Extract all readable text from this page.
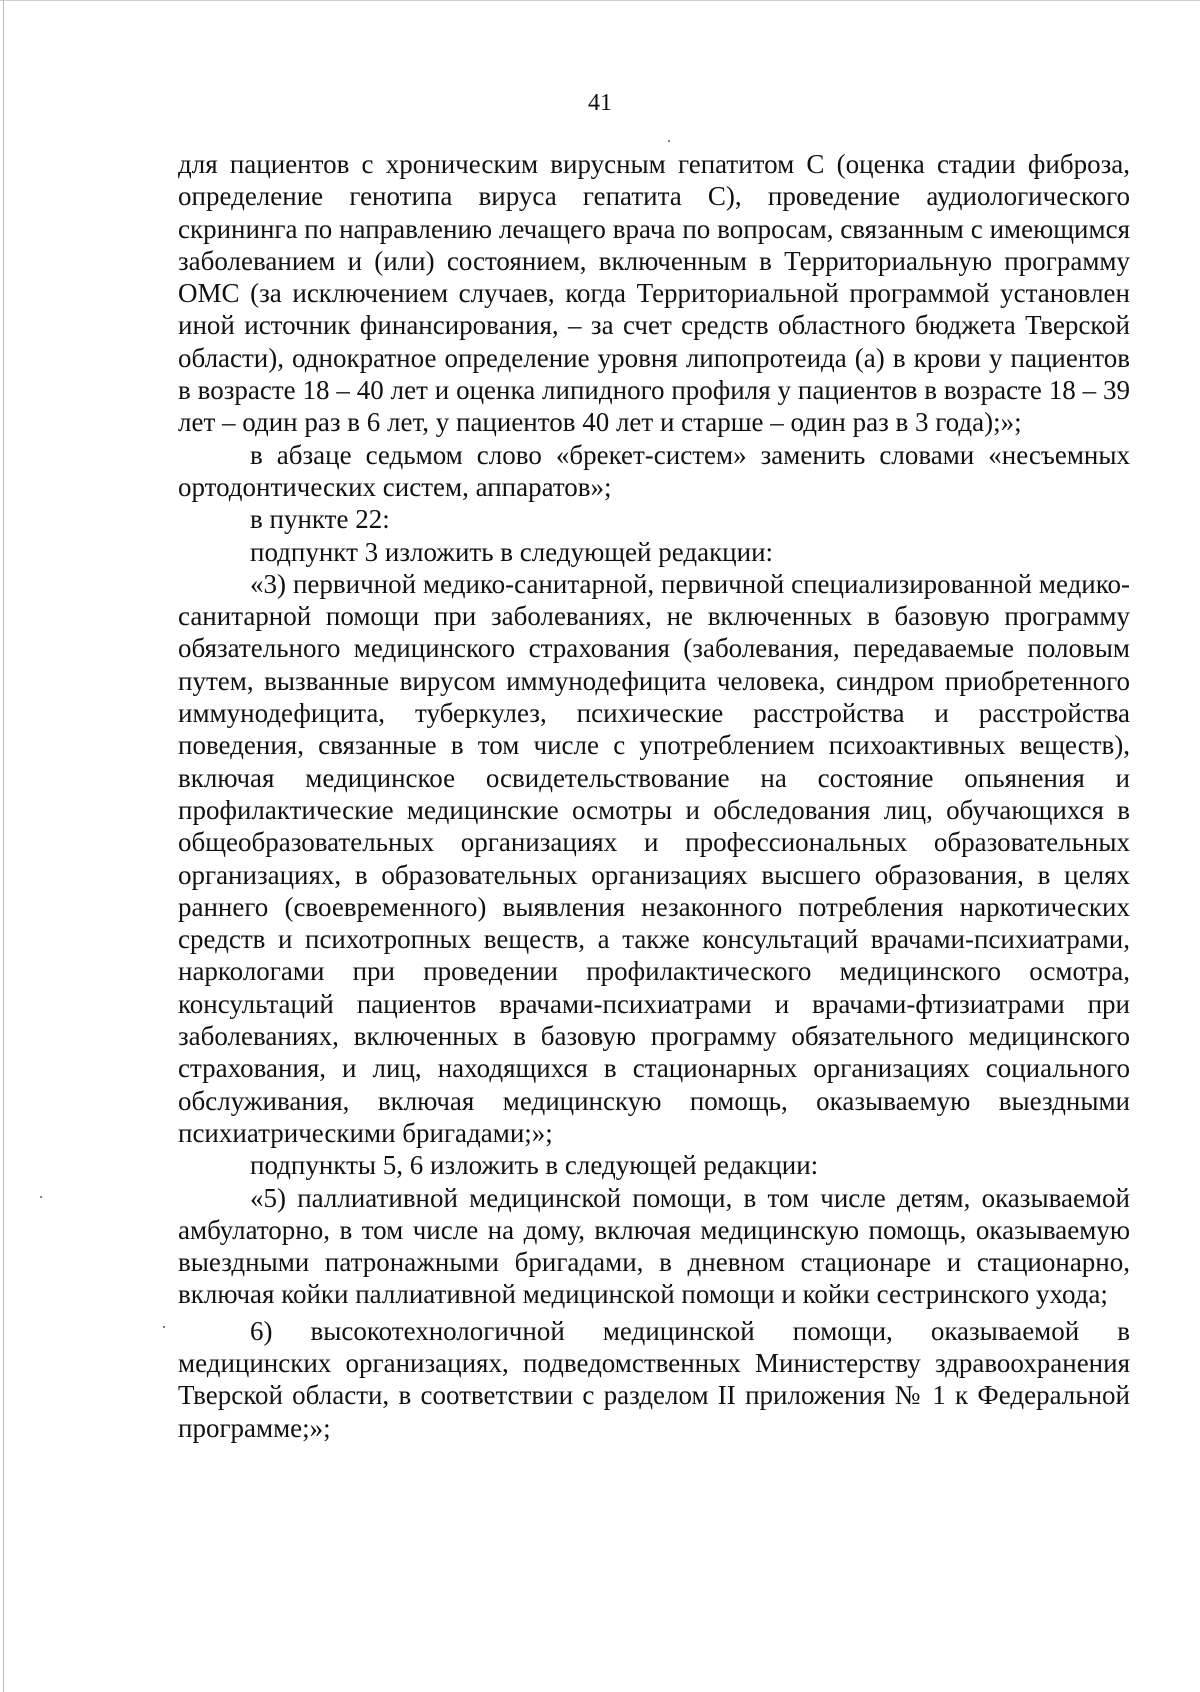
41

для пациентов с хроническим вирусным гепатитом С (оценка стадии фиброза, определение генотипа вируса гепатита С), проведение аудиологического скрининга по направлению лечащего врача по вопросам, связанным с имеющимся заболеванием и (или) состоянием, включенным в Территориальную программу ОМС (за исключением случаев, когда Территориальной программой установлен иной источник финансирования, – за счет средств областного бюджета Тверской области), однократное определение уровня липопротеида (а) в крови у пациентов в возрасте 18 – 40 лет и оценка липидного профиля у пациентов в возрасте 18 – 39 лет – один раз в 6 лет, у пациентов 40 лет и старше – один раз в 3 года);»;

в абзаце седьмом слово «брекет-систем» заменить словами «несъемных ортодонтических систем, аппаратов»;

в пункте 22:

подпункт 3 изложить в следующей редакции:

«3) первичной медико-санитарной, первичной специализированной медико-санитарной помощи при заболеваниях, не включенных в базовую программу обязательного медицинского страхования (заболевания, передаваемые половым путем, вызванные вирусом иммунодефицита человека, синдром приобретенного иммунодефицита, туберкулез, психические расстройства и расстройства поведения, связанные в том числе с употреблением психоактивных веществ), включая медицинское освидетельствование на состояние опьянения и профилактические медицинские осмотры и обследования лиц, обучающихся в общеобразовательных организациях и профессиональных образовательных организациях, в образовательных организациях высшего образования, в целях раннего (своевременного) выявления незаконного потребления наркотических средств и психотропных веществ, а также консультаций врачами-психиатрами, наркологами при проведении профилактического медицинского осмотра, консультаций пациентов врачами-психиатрами и врачами-фтизиатрами при заболеваниях, включенных в базовую программу обязательного медицинского страхования, и лиц, находящихся в стационарных организациях социального обслуживания, включая медицинскую помощь, оказываемую выездными психиатрическими бригадами;»;

подпункты 5, 6 изложить в следующей редакции:

«5) паллиативной медицинской помощи, в том числе детям, оказываемой амбулаторно, в том числе на дому, включая медицинскую помощь, оказываемую выездными патронажными бригадами, в дневном стационаре и стационарно, включая койки паллиативной медицинской помощи и койки сестринского ухода;

6) высокотехнологичной медицинской помощи, оказываемой в медицинских организациях, подведомственных Министерству здравоохранения Тверской области, в соответствии с разделом II приложения № 1 к Федеральной программе;»;
